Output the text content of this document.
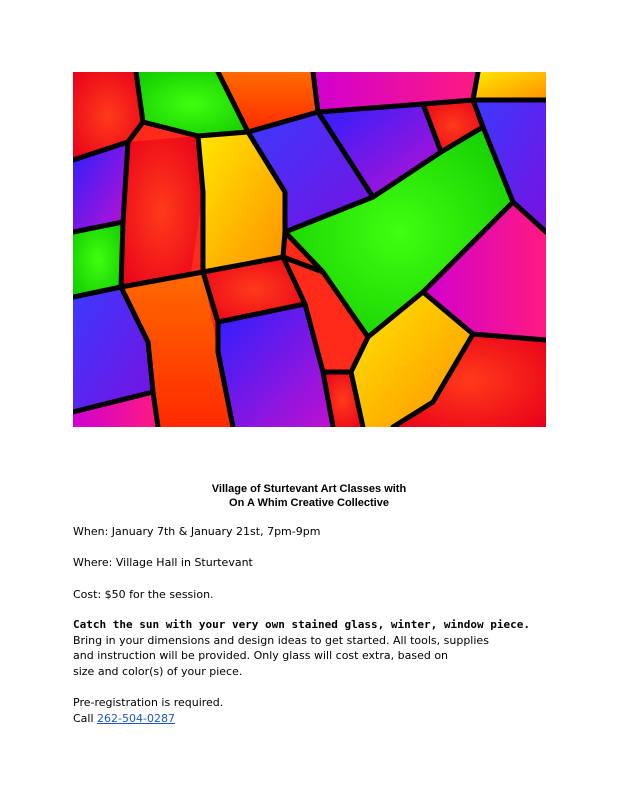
Village of Sturtevant Art Classes with
On A Whim Creative Collective

When: January 7th & January 21st, 7pm-9pm

Where: Village Hall in Sturtevant

Cost: $50 for the session.

Catch the sun with your very own stained glass, winter, window piece.

Bring in your dimensions and design ideas to get started. All tools, supplies

and instruction will be provided. Only glass will cost extra, based on

size and color(s) of your piece.

Pre-registration is required.

Call 262-504-0287
